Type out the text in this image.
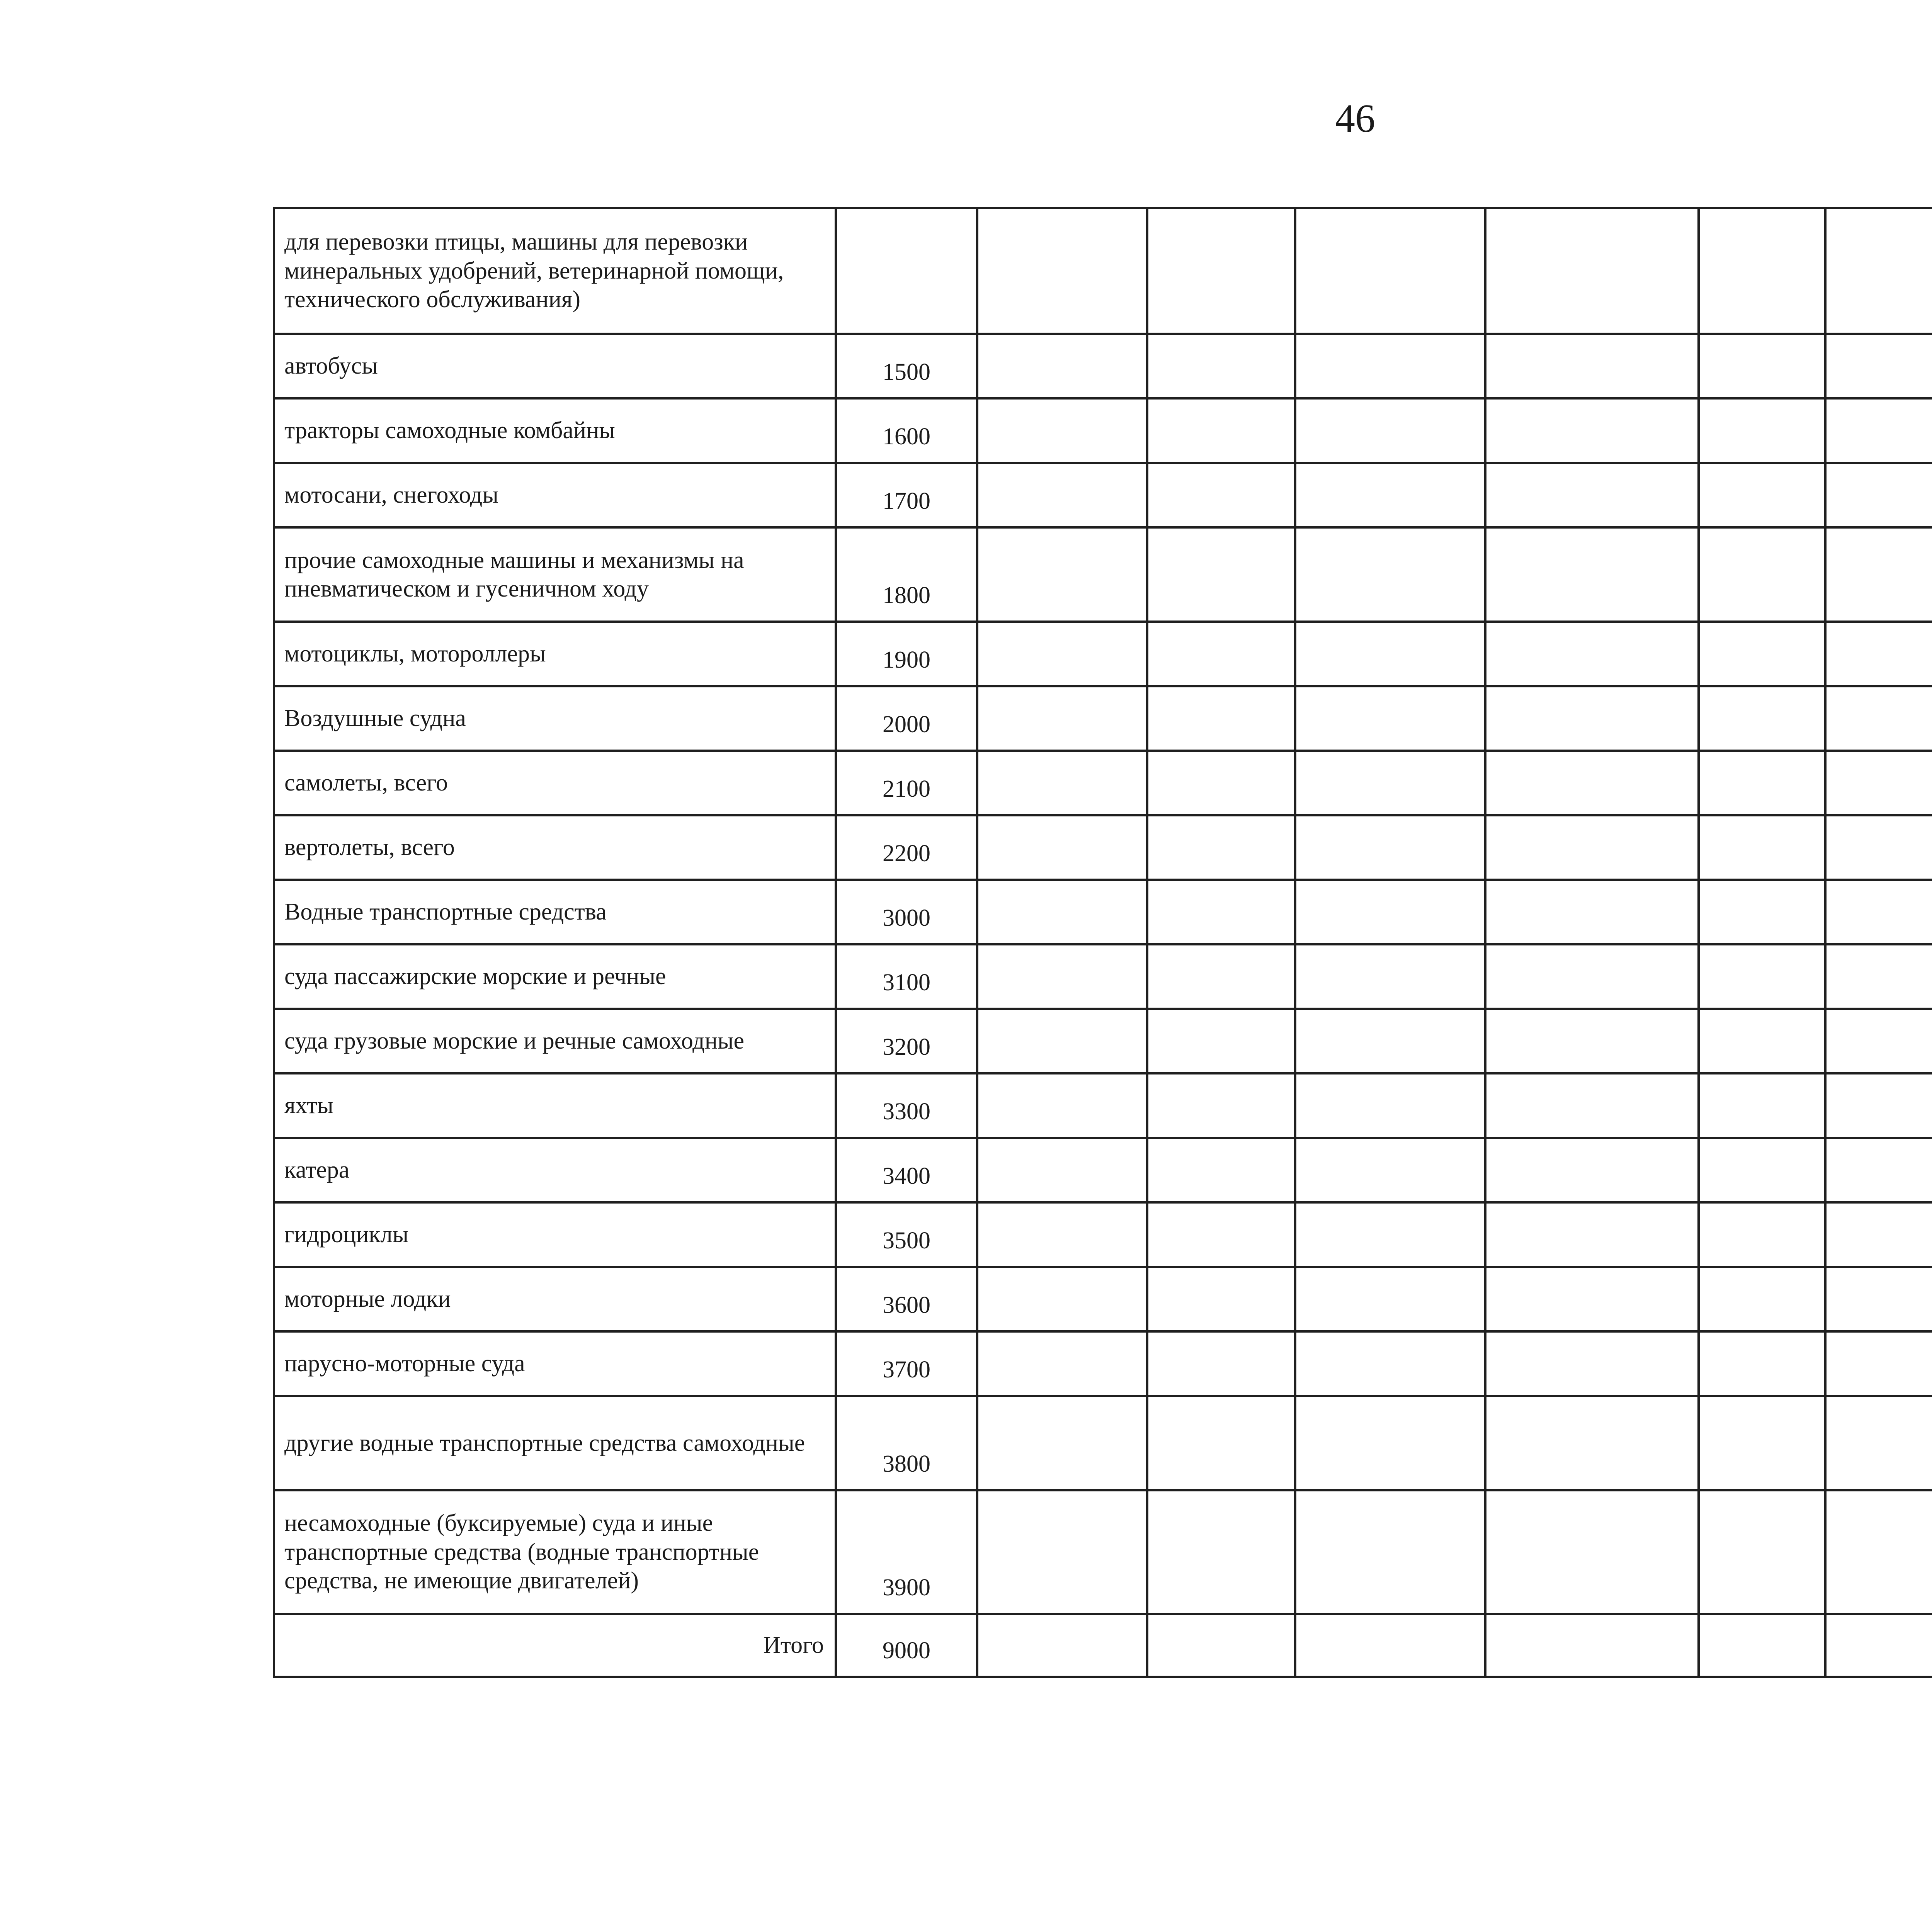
46
для перевозки птицы, машины для перевозки минеральных удобрений, ветеринарной помощи, технического обслуживания)										
автобусы	1500									
тракторы самоходные комбайны	1600									
мотосани, снегоходы	1700									
прочие самоходные машины и механизмы на пневматическом и гусеничном ходу	1800									
мотоциклы, мотороллеры	1900									
Воздушные судна	2000									
самолеты, всего	2100									
вертолеты, всего	2200									
Водные транспортные средства	3000									
суда пассажирские морские и речные	3100									
суда грузовые морские и речные самоходные	3200									
яхты	3300									
катера	3400									
гидроциклы	3500									
моторные лодки	3600									
парусно-моторные суда	3700									
другие водные транспортные средства самоходные	3800									
несамоходные (буксируемые) суда и иные транспортные средства (водные транспортные средства, не имеющие двигателей)	3900									
Итого	9000									
